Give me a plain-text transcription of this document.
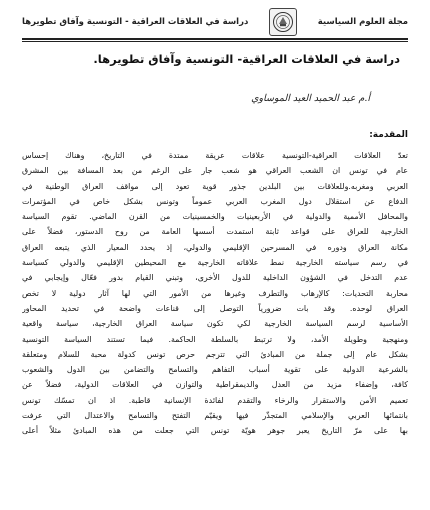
مجلة العلوم السياسية
دراسة في العلاقات العراقية - التونسية وآفاق تطويرها
دراسة في العلاقات العراقية- التونسية وآفاق تطويرها.
أ.م عبد الحميد العيد الموساوي
المقدمة:
تعدّ العلاقات العراقية-التونسية علاقات عريقة ممتدة في التاريخ، وهناك إحساس
عام في تونس ان الشعب العراقي هو شعب جار على الرغم من بعد المسافة بين المشرق
العربي ومغربه.وللعلاقات بين البلدين جذور قوية تعود إلى مواقف العراق الوطنية في
الدفاع عن استقلال دول المغرب العربي عموماً وتونس بشكل خاص في المؤتمرات
والمحافل الأممية والدولية في الأربعينيات والخمسينيات من القرن الماضي. تقوم السياسة
الخارجية للعراق على قواعد ثابتة استمدت أسسها العامة من روح الدستور، فضلاً على
مكانة العراق ودوره في المسرحين الإقليمي والدولي، إذ يحدد المعيار الذي يتبعه العراق
في رسم سياسته الخارجية نمط علاقاته الخارجية مع المحيطين الإقليمي والدولي كسياسة
عدم التدخل في الشؤون الداخلية للدول الأخرى، وتبني القيام بدور فعّال وإيجابي في
محاربة التحديات: كالإرهاب والتطرف وغيرها من الأمور التي لها آثار دولية لا تخص
العراق لوحده. وقد بات ضرورياً التوصل إلى قناعات واضحة في تحديد المحاور
الأساسية لرسم السياسة الخارجية لكي تكون سياسة العراق الخارجية، سياسة واقعية
ومنهجية وطويلة الأمد، ولا ترتبط بالسلطة الحاكمة. فيما تستند السياسة التونسية
بشكل عام إلى جملة من المبادئ التي تترجم حرص تونس كدولة محبة للسلام ومتعلقة
بالشرعية الدولية على تقوية أسباب التفاهم والتسامح والتضامن بين الدول والشعوب
كافة، وإضفاء مزيد من العدل والديمقراطية والتوازن في العلاقات الدولية، فضلاً عن
تعميم الأمن والاستقرار والرخاء والتقدم لفائدة الإنسانية قاطبة. اذ ان تمسّك تونس
بانتمائها العربي والإسلامي المتجذّر فيها ويقيّم التفتح والتسامح والاعتدال التي عرفت
بها على مرّ التاريخ يعبر جوهر هويّة تونس التي جعلت من هذه المبادئ مثلاً أعلى
